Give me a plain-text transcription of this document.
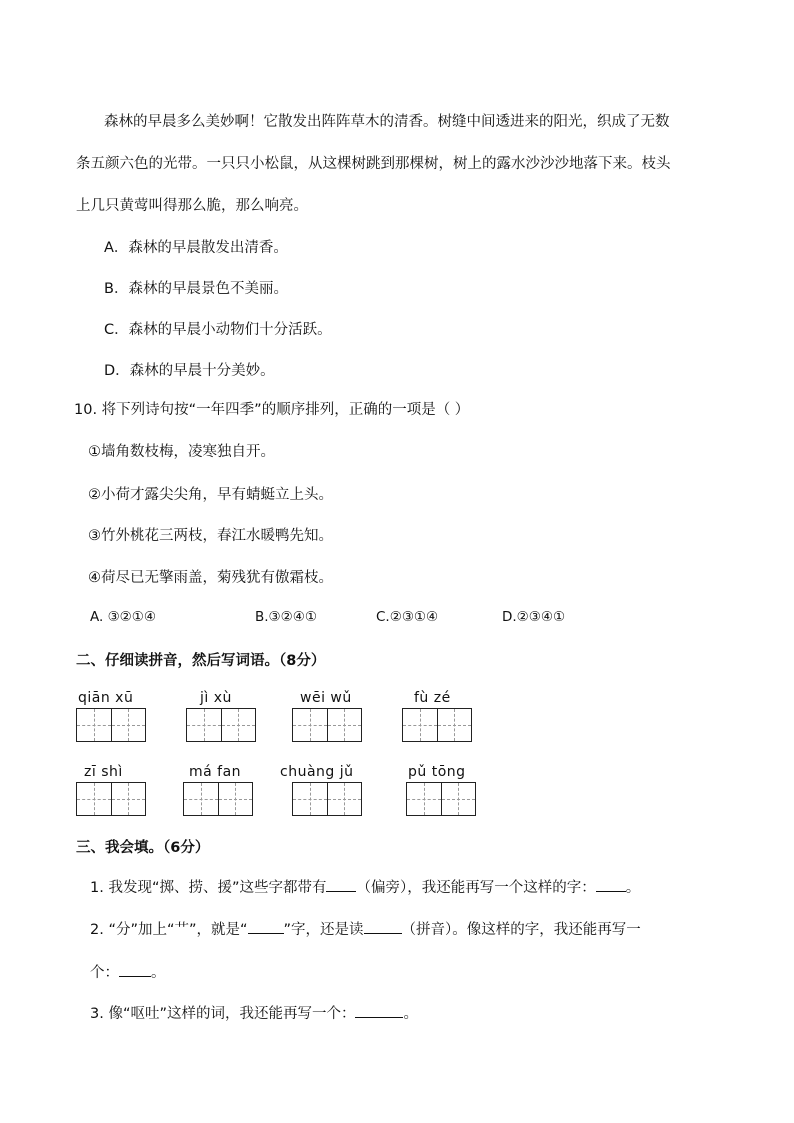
森林的早晨多么美妙啊！它散发出阵阵草木的清香。树缝中间透进来的阳光，织成了无数
条五颜六色的光带。一只只小松鼠，从这棵树跳到那棵树，树上的露水沙沙沙地落下来。枝头
上几只黄莺叫得那么脆，那么响亮。
A．森林的早晨散发出清香。
B．森林的早晨景色不美丽。
C．森林的早晨小动物们十分活跃。
D．森林的早晨十分美妙。
10. 将下列诗句按“一年四季”的顺序排列，正确的一项是（ ）
①墙角数枝梅，凌寒独自开。
②小荷才露尖尖角，早有蜻蜓立上头。
③竹外桃花三两枝，春江水暖鸭先知。
④荷尽已无擎雨盖，菊残犹有傲霜枝。
A. ③②①④	B.③②④①	C.②③①④	D.②③④①
二、仔细读拼音，然后写词语。（8分）
qiān xū	jì xù	wēi wǔ	fù zé
zī shì	má fan	chuàng jǔ	pǔ tōng
三、我会填。（6分）
1. 我发现“掷、捞、援”这些字都带有 （偏旁），我还能再写一个这样的字： 。
2. “分”加上“艹”，就是“ ”字，还是读	（拼音）。像这样的字，我还能再写一
个： 。
3. 像“呕吐”这样的词，我还能再写一个：	。
